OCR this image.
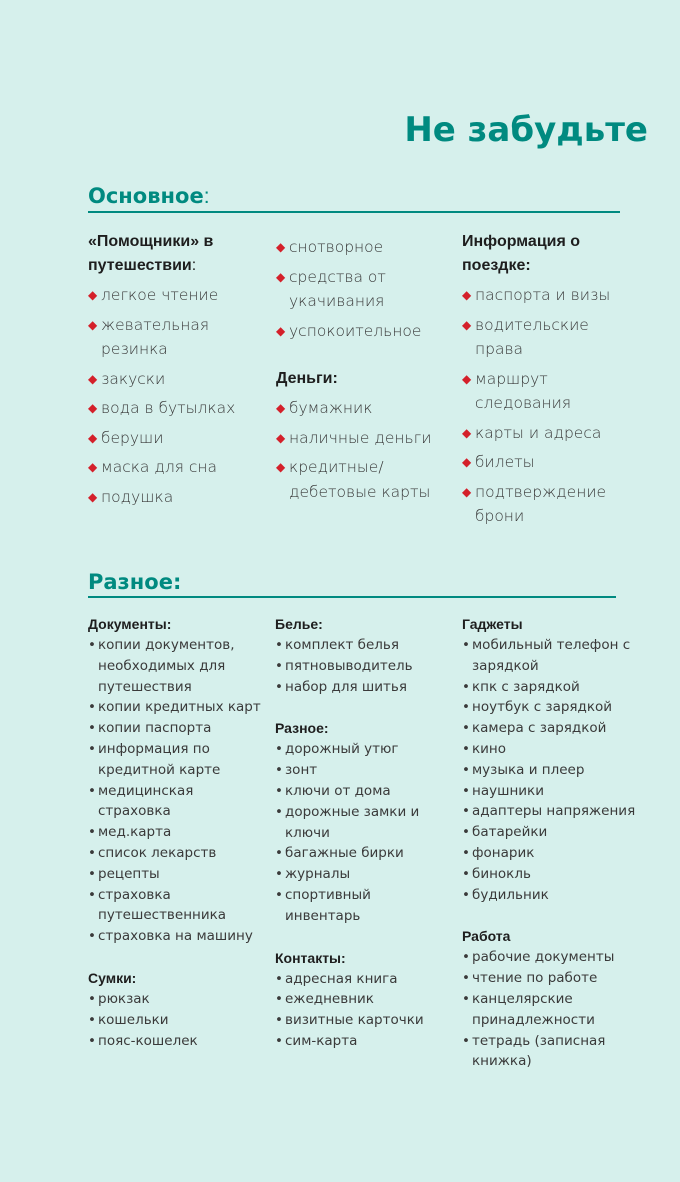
Не забудьте
Основное:
Разное:
«Помощники» в путешествии:
◆ легкое чтение
◆ жевательная резинка
◆ закуски
◆ вода в бутылках
◆ беруши
◆ маска для сна
◆ подушка
◆ снотворное
◆ средства от укачивания
◆ успокоительное
Деньги:
◆ бумажник
◆ наличные деньги
◆ кредитные/ дебетовые карты
Информация о поездке:
◆ паспорта и визы
◆ водительские права
◆ маршрут следования
◆ карты и адреса
◆ билеты
◆ подтверждение брони
Документы:
• копии документов, необходимых для путешествия
• копии кредитных карт
• копии паспорта
• информация по кредитной карте
• медицинская страховка
• мед.карта
• список лекарств
• рецепты
• страховка путешественника
• страховка на машину
Сумки:
• рюкзак
• кошельки
• пояс-кошелек
Белье:
• комплект белья
• пятновыводитель
• набор для шитья
Разное:
• дорожный утюг
• зонт
• ключи от дома
• дорожные замки и ключи
• багажные бирки
• журналы
• спортивный инвентарь
Контакты:
• адресная книга
• ежедневник
• визитные карточки
• сим-карта
Гаджеты
• мобильный телефон с зарядкой
• кпк с зарядкой
• ноутбук с зарядкой
• камера с зарядкой
• кино
• музыка и плеер
• наушники
• адаптеры напряжения
• батарейки
• фонарик
• бинокль
• будильник
Работа
• рабочие документы
• чтение по работе
• канцелярские принадлежности
• тетрадь (записная книжка)
